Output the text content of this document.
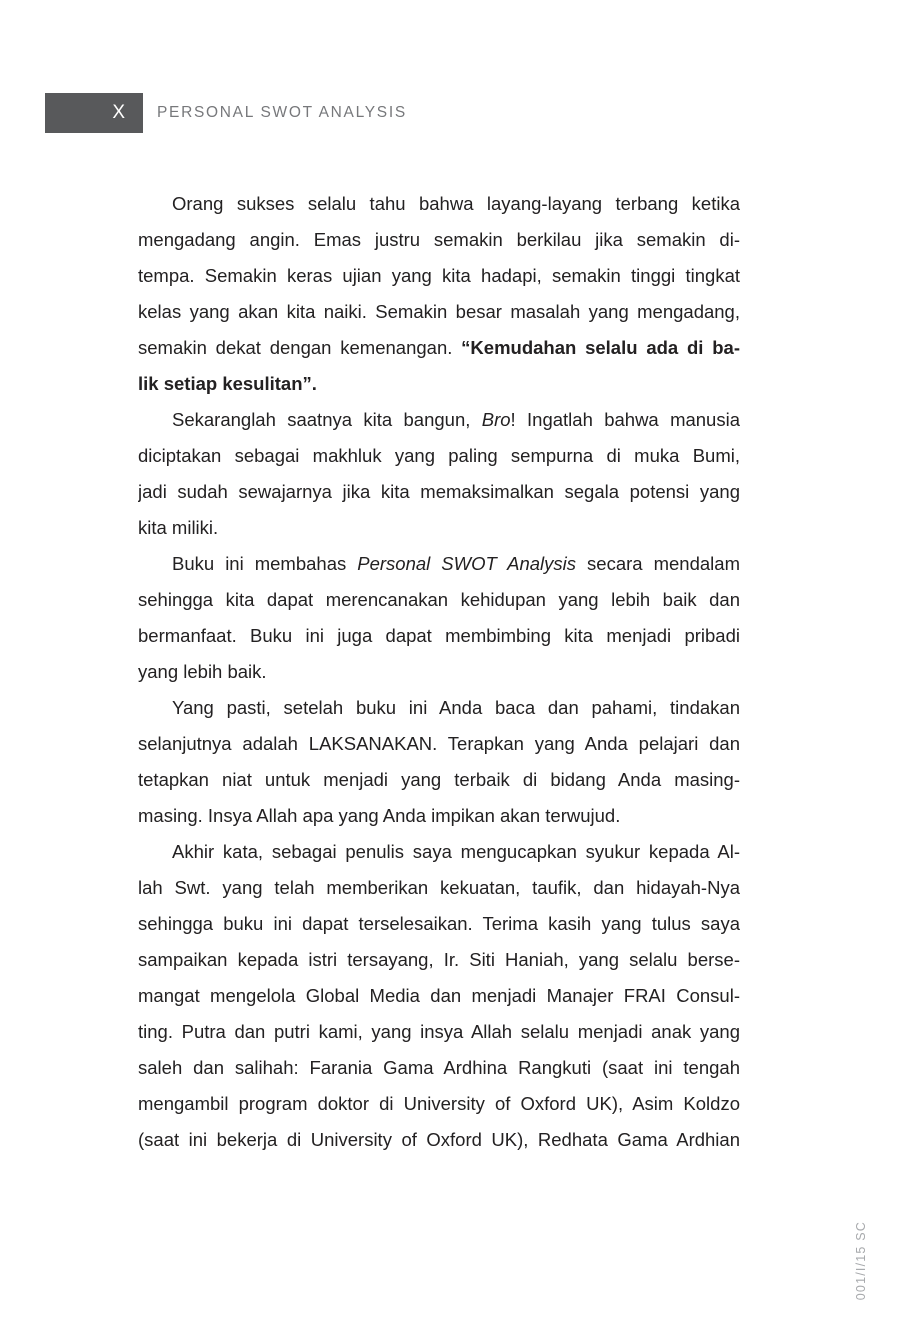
X PERSONAL SWOT ANALYSIS
Orang sukses selalu tahu bahwa layang-layang terbang ketika
mengadang angin. Emas justru semakin berkilau jika semakin di-
tempa. Semakin keras ujian yang kita hadapi, semakin tinggi tingkat
kelas yang akan kita naiki. Semakin besar masalah yang mengadang,
semakin dekat dengan kemenangan. “Kemudahan selalu ada di ba-
lik setiap kesulitan”.
Sekaranglah saatnya kita bangun, Bro! Ingatlah bahwa manusia
diciptakan sebagai makhluk yang paling sempurna di muka Bumi,
jadi sudah sewajarnya jika kita memaksimalkan segala potensi yang
kita miliki.
Buku ini membahas Personal SWOT Analysis secara mendalam
sehingga kita dapat merencanakan kehidupan yang lebih baik dan
bermanfaat. Buku ini juga dapat membimbing kita menjadi pribadi
yang lebih baik.
Yang pasti, setelah buku ini Anda baca dan pahami, tindakan
selanjutnya adalah LAKSANAKAN. Terapkan yang Anda pelajari dan
tetapkan niat untuk menjadi yang terbaik di bidang Anda masing-
masing. Insya Allah apa yang Anda impikan akan terwujud.
Akhir kata, sebagai penulis saya mengucapkan syukur kepada Al-
lah Swt. yang telah memberikan kekuatan, taufik, dan hidayah-Nya
sehingga buku ini dapat terselesaikan. Terima kasih yang tulus saya
sampaikan kepada istri tersayang, Ir. Siti Haniah, yang selalu berse-
mangat mengelola Global Media dan menjadi Manajer FRAI Consul-
ting. Putra dan putri kami, yang insya Allah selalu menjadi anak yang
saleh dan salihah: Farania Gama Ardhina Rangkuti (saat ini tengah
mengambil program doktor di University of Oxford UK), Asim Koldzo
(saat ini bekerja di University of Oxford UK), Redhata Gama Ardhian
001/I/15 SC
